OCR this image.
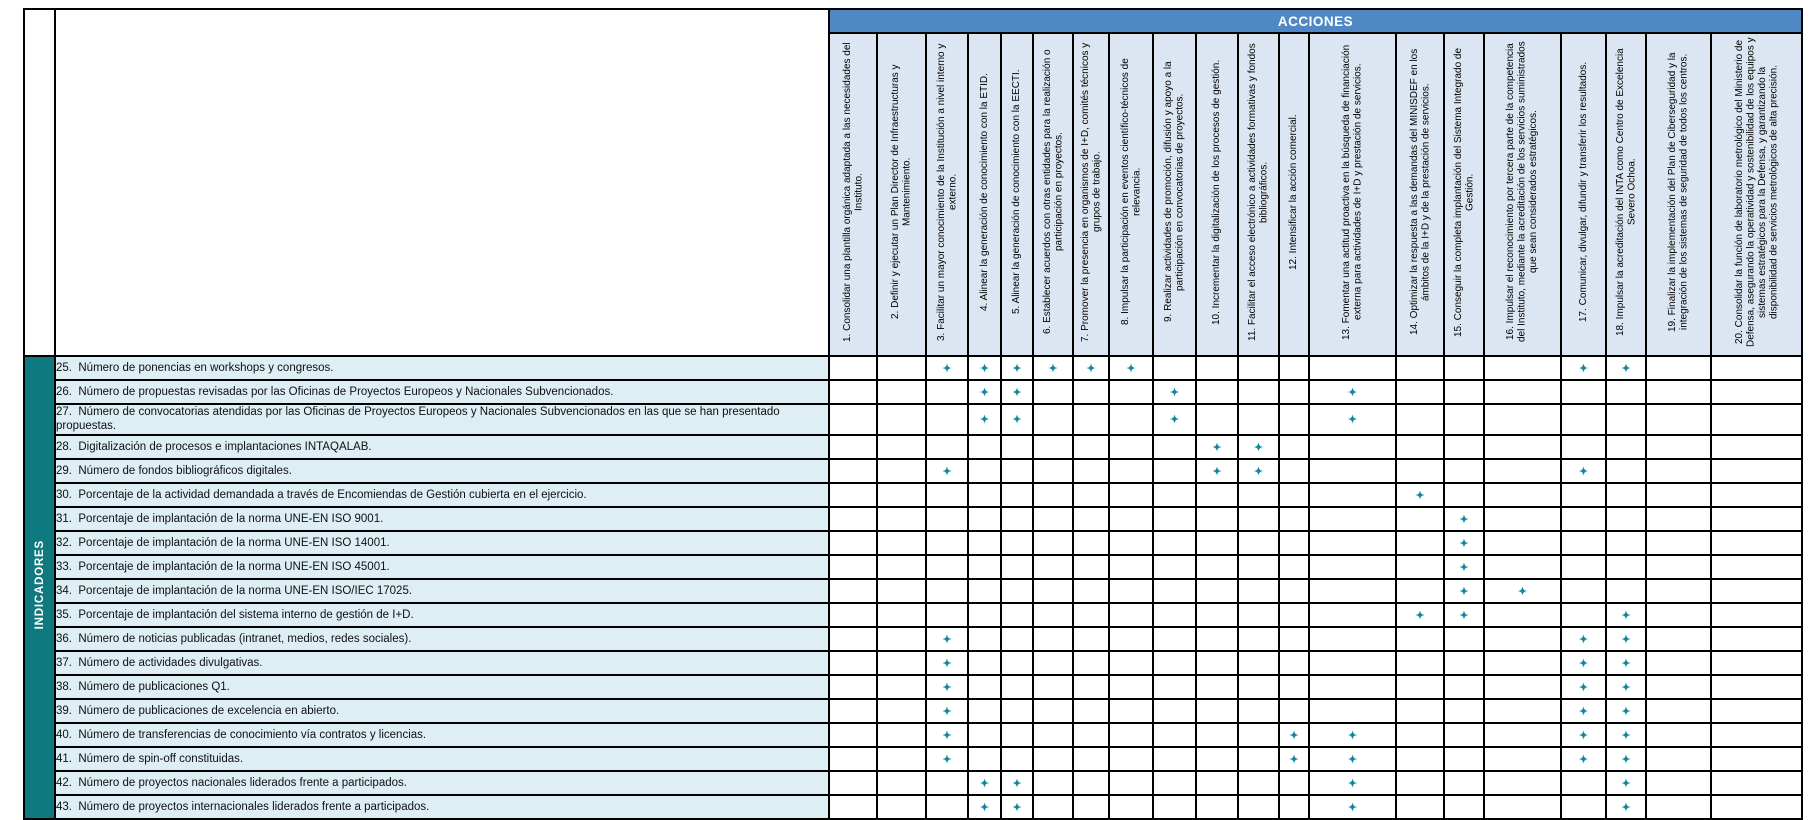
		ACCIONES																			
		1. Consolidar una plantilla orgánica adaptada a las necesidades del Instituto.	2. Definir y ejecutar un Plan Director de Infraestructuras y Mantenimiento.	3. Facilitar un mayor conocimiento de la Institución a nivel interno y externo.	4. Alinear la generación de conocimiento con la ETID.	5. Alinear la generación de conocimiento con la EECTI.	6. Establecer acuerdos con otras entidades para la realización o participación en proyectos.	7. Promover la presencia en organismos de I+D, comités técnicos y grupos de trabajo.	8. Impulsar la participación en eventos científico-técnicos de relevancia.	9. Realizar actividades de promoción, difusión y apoyo a la participación en convocatorias de proyectos.	10. Incrementar la digitalización de los procesos de gestión.	11. Facilitar el acceso electrónico a actividades formativas y fondos bibliográficos.	12. Intensificar la acción comercial.	13. Fomentar una actitud proactiva en la búsqueda de financiación externa para actividades de I+D y prestación de servicios.	14. Optimizar la respuesta a las demandas del MINISDEF en los ámbitos de la I+D y de la prestación de servicios.	15. Conseguir la completa implantación del Sistema Integrado de Gestión.	16. Impulsar el reconocimiento por tercera parte de la competencia del Instituto, mediante la acreditación de los servicios suministrados que sean considerados estratégicos.	17. Comunicar, divulgar, difundir y transferir los resultados.	18. Impulsar la acreditación del INTA como Centro de Excelencia Severo Ochoa.	19. Finalizar la implementación del Plan de Ciberseguridad y la integración de los sistemas de seguridad de todos los centros.	20. Consolidar la función de laboratorio metrológico del Ministerio de Defensa, asegurando la operatividad y sostenibilidad de los equipos y sistemas estratégicos para la Defensa, y garantizando la disponibilidad de servicios metrológicos de alta precisión.
INDICADORES	25.  Número de ponencias en workshops y congresos.			✦	✦	✦	✦	✦	✦									✦	✦		
	26.  Número de propuestas revisadas por las Oficinas de Proyectos Europeos y Nacionales Subvencionados.				✦	✦				✦				✦							
	27.  Número de convocatorias atendidas por las Oficinas de Proyectos Europeos y Nacionales Subvencionados en las que se han presentado propuestas.				✦	✦				✦				✦							
	28.  Digitalización de procesos e implantaciones INTAQALAB.										✦	✦									
	29.  Número de fondos bibliográficos digitales.			✦							✦	✦						✦			
	30.  Porcentaje de la actividad demandada a través de Encomiendas de Gestión cubierta en el ejercicio.														✦						
	31.  Porcentaje de implantación de la norma UNE-EN ISO 9001.															✦					
	32.  Porcentaje de implantación de la norma UNE-EN ISO 14001.															✦					
	33.  Porcentaje de implantación de la norma UNE-EN ISO 45001.															✦					
	34.  Porcentaje de implantación de la norma UNE-EN ISO/IEC 17025.															✦	✦				
	35.  Porcentaje de implantación del sistema interno de gestión de I+D.														✦	✦			✦		
	36.  Número de noticias publicadas (intranet, medios, redes sociales).			✦														✦	✦		
	37.  Número de actividades divulgativas.			✦														✦	✦		
	38.  Número de publicaciones Q1.			✦														✦	✦		
	39.  Número de publicaciones de excelencia en abierto.			✦														✦	✦		
	40.  Número de transferencias de conocimiento vía contratos y licencias.			✦									✦	✦				✦	✦		
	41.  Número de spin-off constituidas.			✦									✦	✦				✦	✦		
	42.  Número de proyectos nacionales liderados frente a participados.				✦	✦								✦					✦		
	43.  Número de proyectos internacionales liderados frente a participados.				✦	✦								✦					✦		
